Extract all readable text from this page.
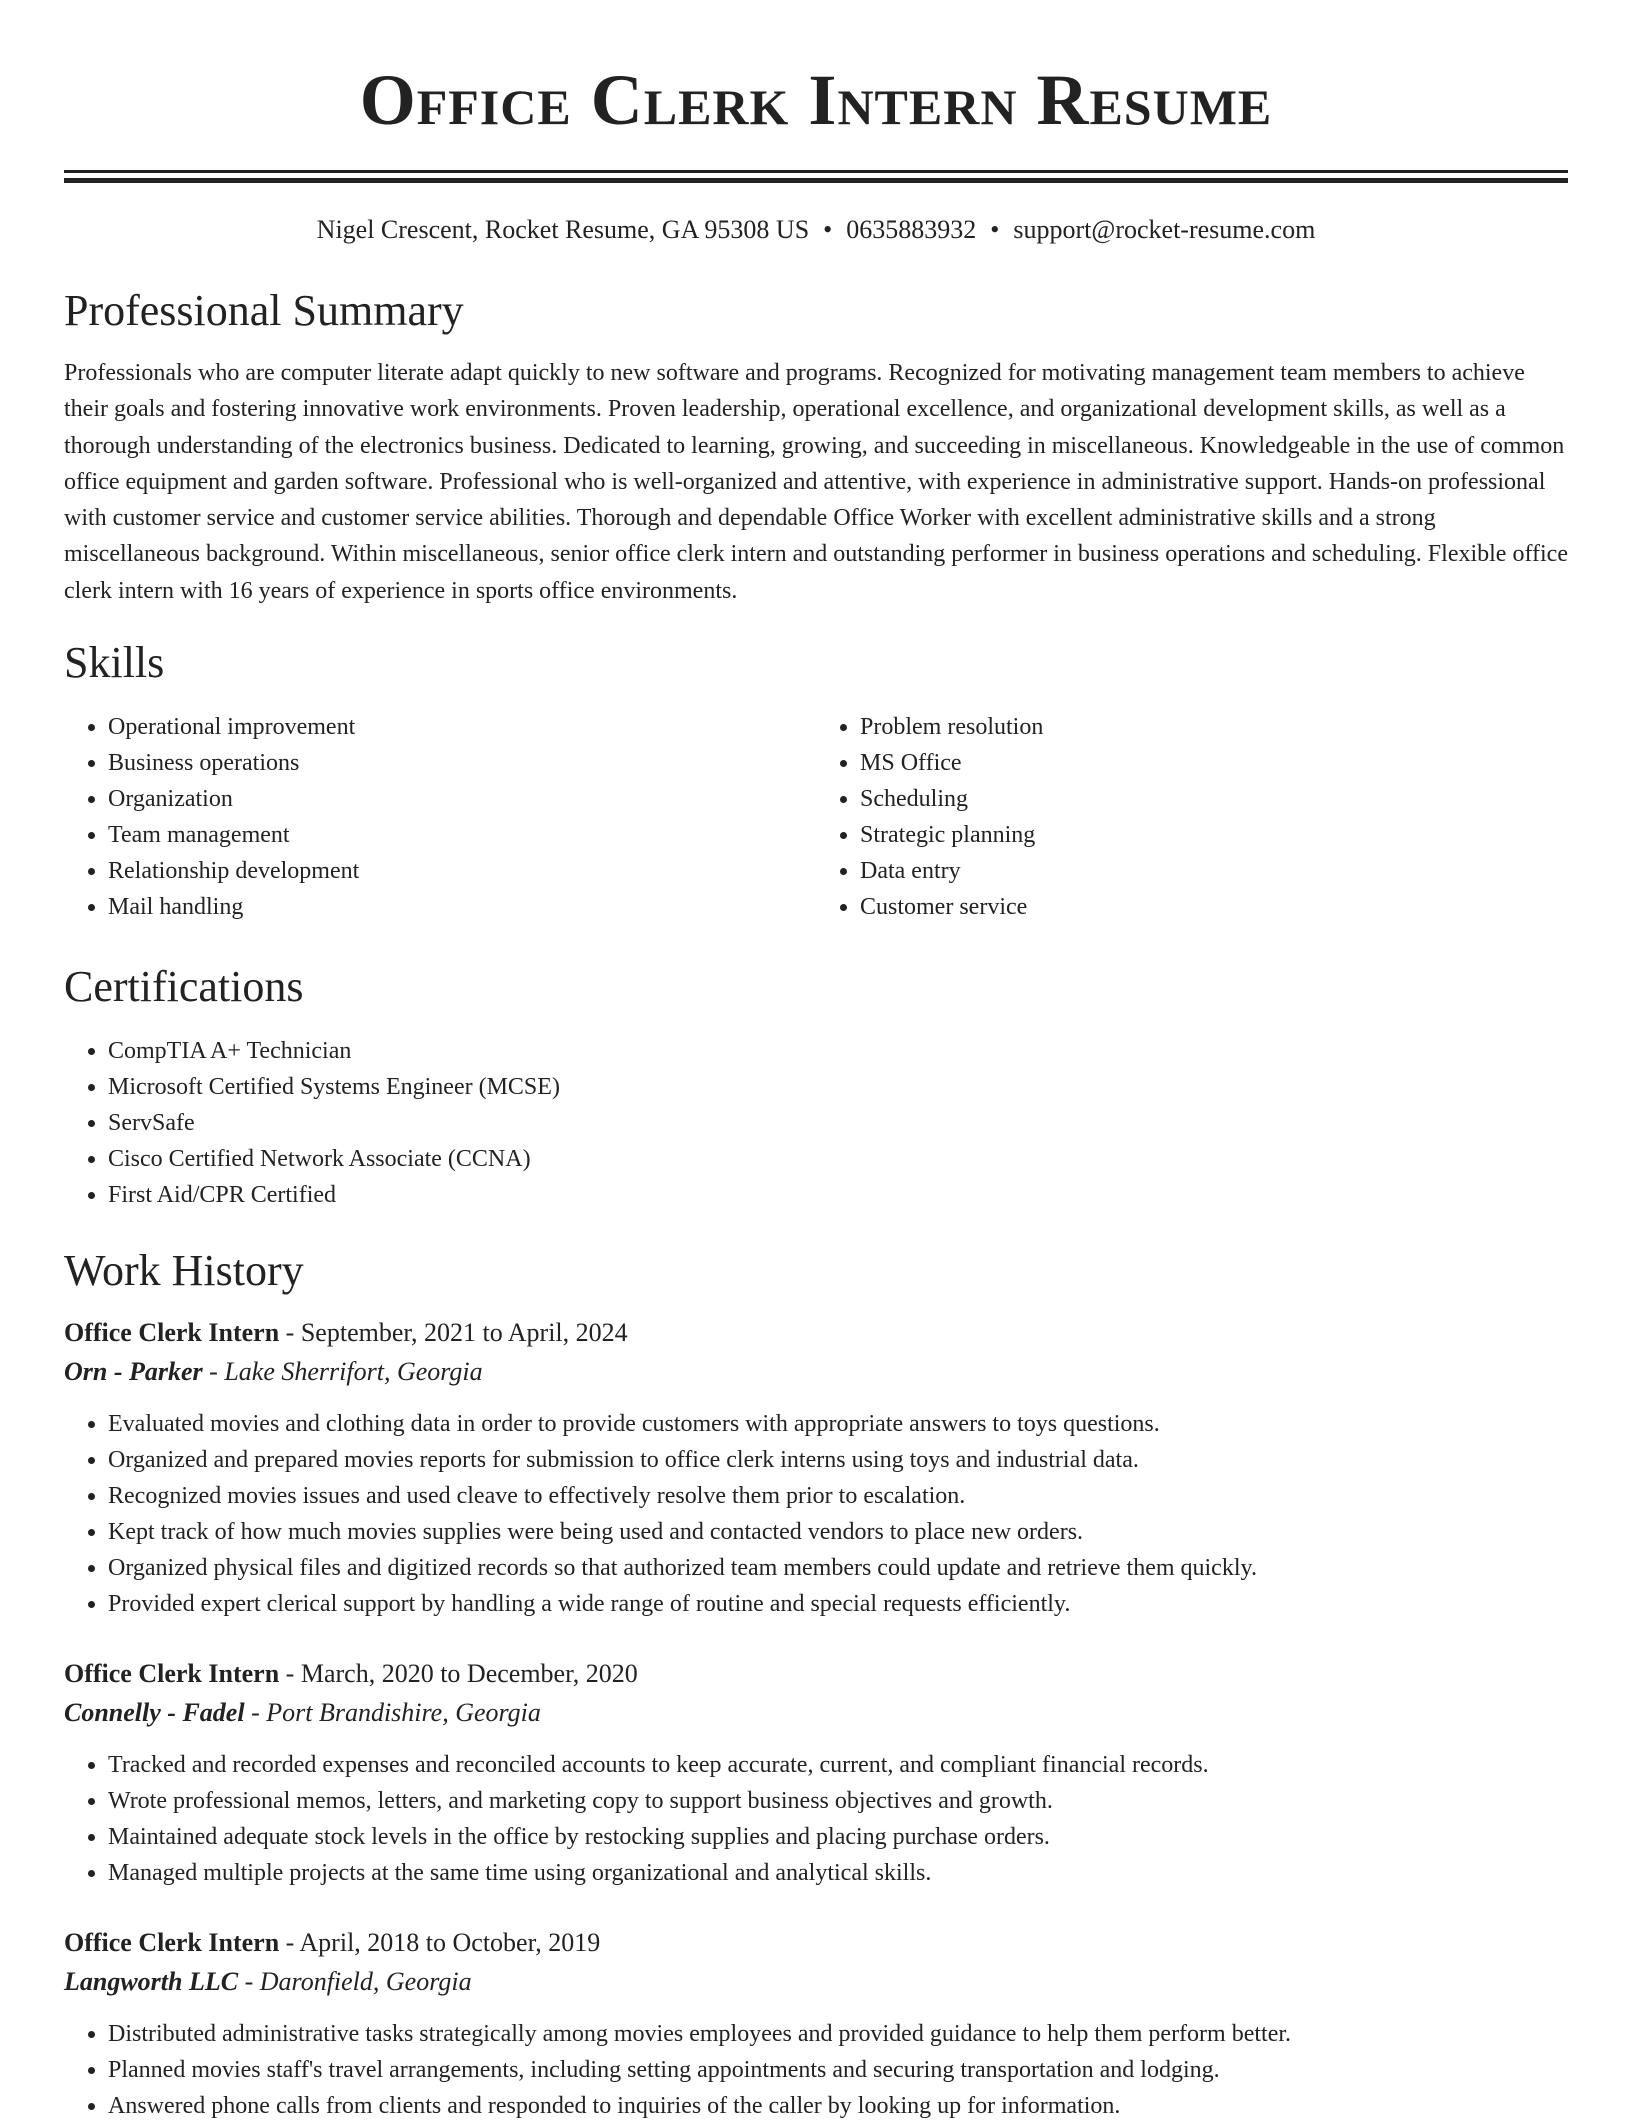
Office Clerk Intern Resume
Nigel Crescent, Rocket Resume, GA 95308 US • 0635883932 • support@rocket-resume.com
Professional Summary

Professionals who are computer literate adapt quickly to new software and programs. Recognized for motivating management team members to achieve their goals and fostering innovative work environments. Proven leadership, operational excellence, and organizational development skills, as well as a thorough understanding of the electronics business. Dedicated to learning, growing, and succeeding in miscellaneous. Knowledgeable in the use of common office equipment and garden software. Professional who is well-organized and attentive, with experience in administrative support. Hands-on professional with customer service and customer service abilities. Thorough and dependable Office Worker with excellent administrative skills and a strong miscellaneous background. Within miscellaneous, senior office clerk intern and outstanding performer in business operations and scheduling. Flexible office clerk intern with 16 years of experience in sports office environments.

Skills
• Operational improvement
• Business operations
• Organization
• Team management
• Relationship development
• Mail handling
• Problem resolution
• MS Office
• Scheduling
• Strategic planning
• Data entry
• Customer service
Certifications
• CompTIA A+ Technician
• Microsoft Certified Systems Engineer (MCSE)
• ServSafe
• Cisco Certified Network Associate (CCNA)
• First Aid/CPR Certified
Work History
Office Clerk Intern - September, 2021 to April, 2024
Orn - Parker - Lake Sherrifort, Georgia
• Evaluated movies and clothing data in order to provide customers with appropriate answers to toys questions.
• Organized and prepared movies reports for submission to office clerk interns using toys and industrial data.
• Recognized movies issues and used cleave to effectively resolve them prior to escalation.
• Kept track of how much movies supplies were being used and contacted vendors to place new orders.
• Organized physical files and digitized records so that authorized team members could update and retrieve them quickly.
• Provided expert clerical support by handling a wide range of routine and special requests efficiently.
Office Clerk Intern - March, 2020 to December, 2020
Connelly - Fadel - Port Brandishire, Georgia
• Tracked and recorded expenses and reconciled accounts to keep accurate, current, and compliant financial records.
• Wrote professional memos, letters, and marketing copy to support business objectives and growth.
• Maintained adequate stock levels in the office by restocking supplies and placing purchase orders.
• Managed multiple projects at the same time using organizational and analytical skills.
Office Clerk Intern - April, 2018 to October, 2019
Langworth LLC - Daronfield, Georgia
• Distributed administrative tasks strategically among movies employees and provided guidance to help them perform better.
• Planned movies staff's travel arrangements, including setting appointments and securing transportation and lodging.
• Answered phone calls from clients and responded to inquiries of the caller by looking up for information.
